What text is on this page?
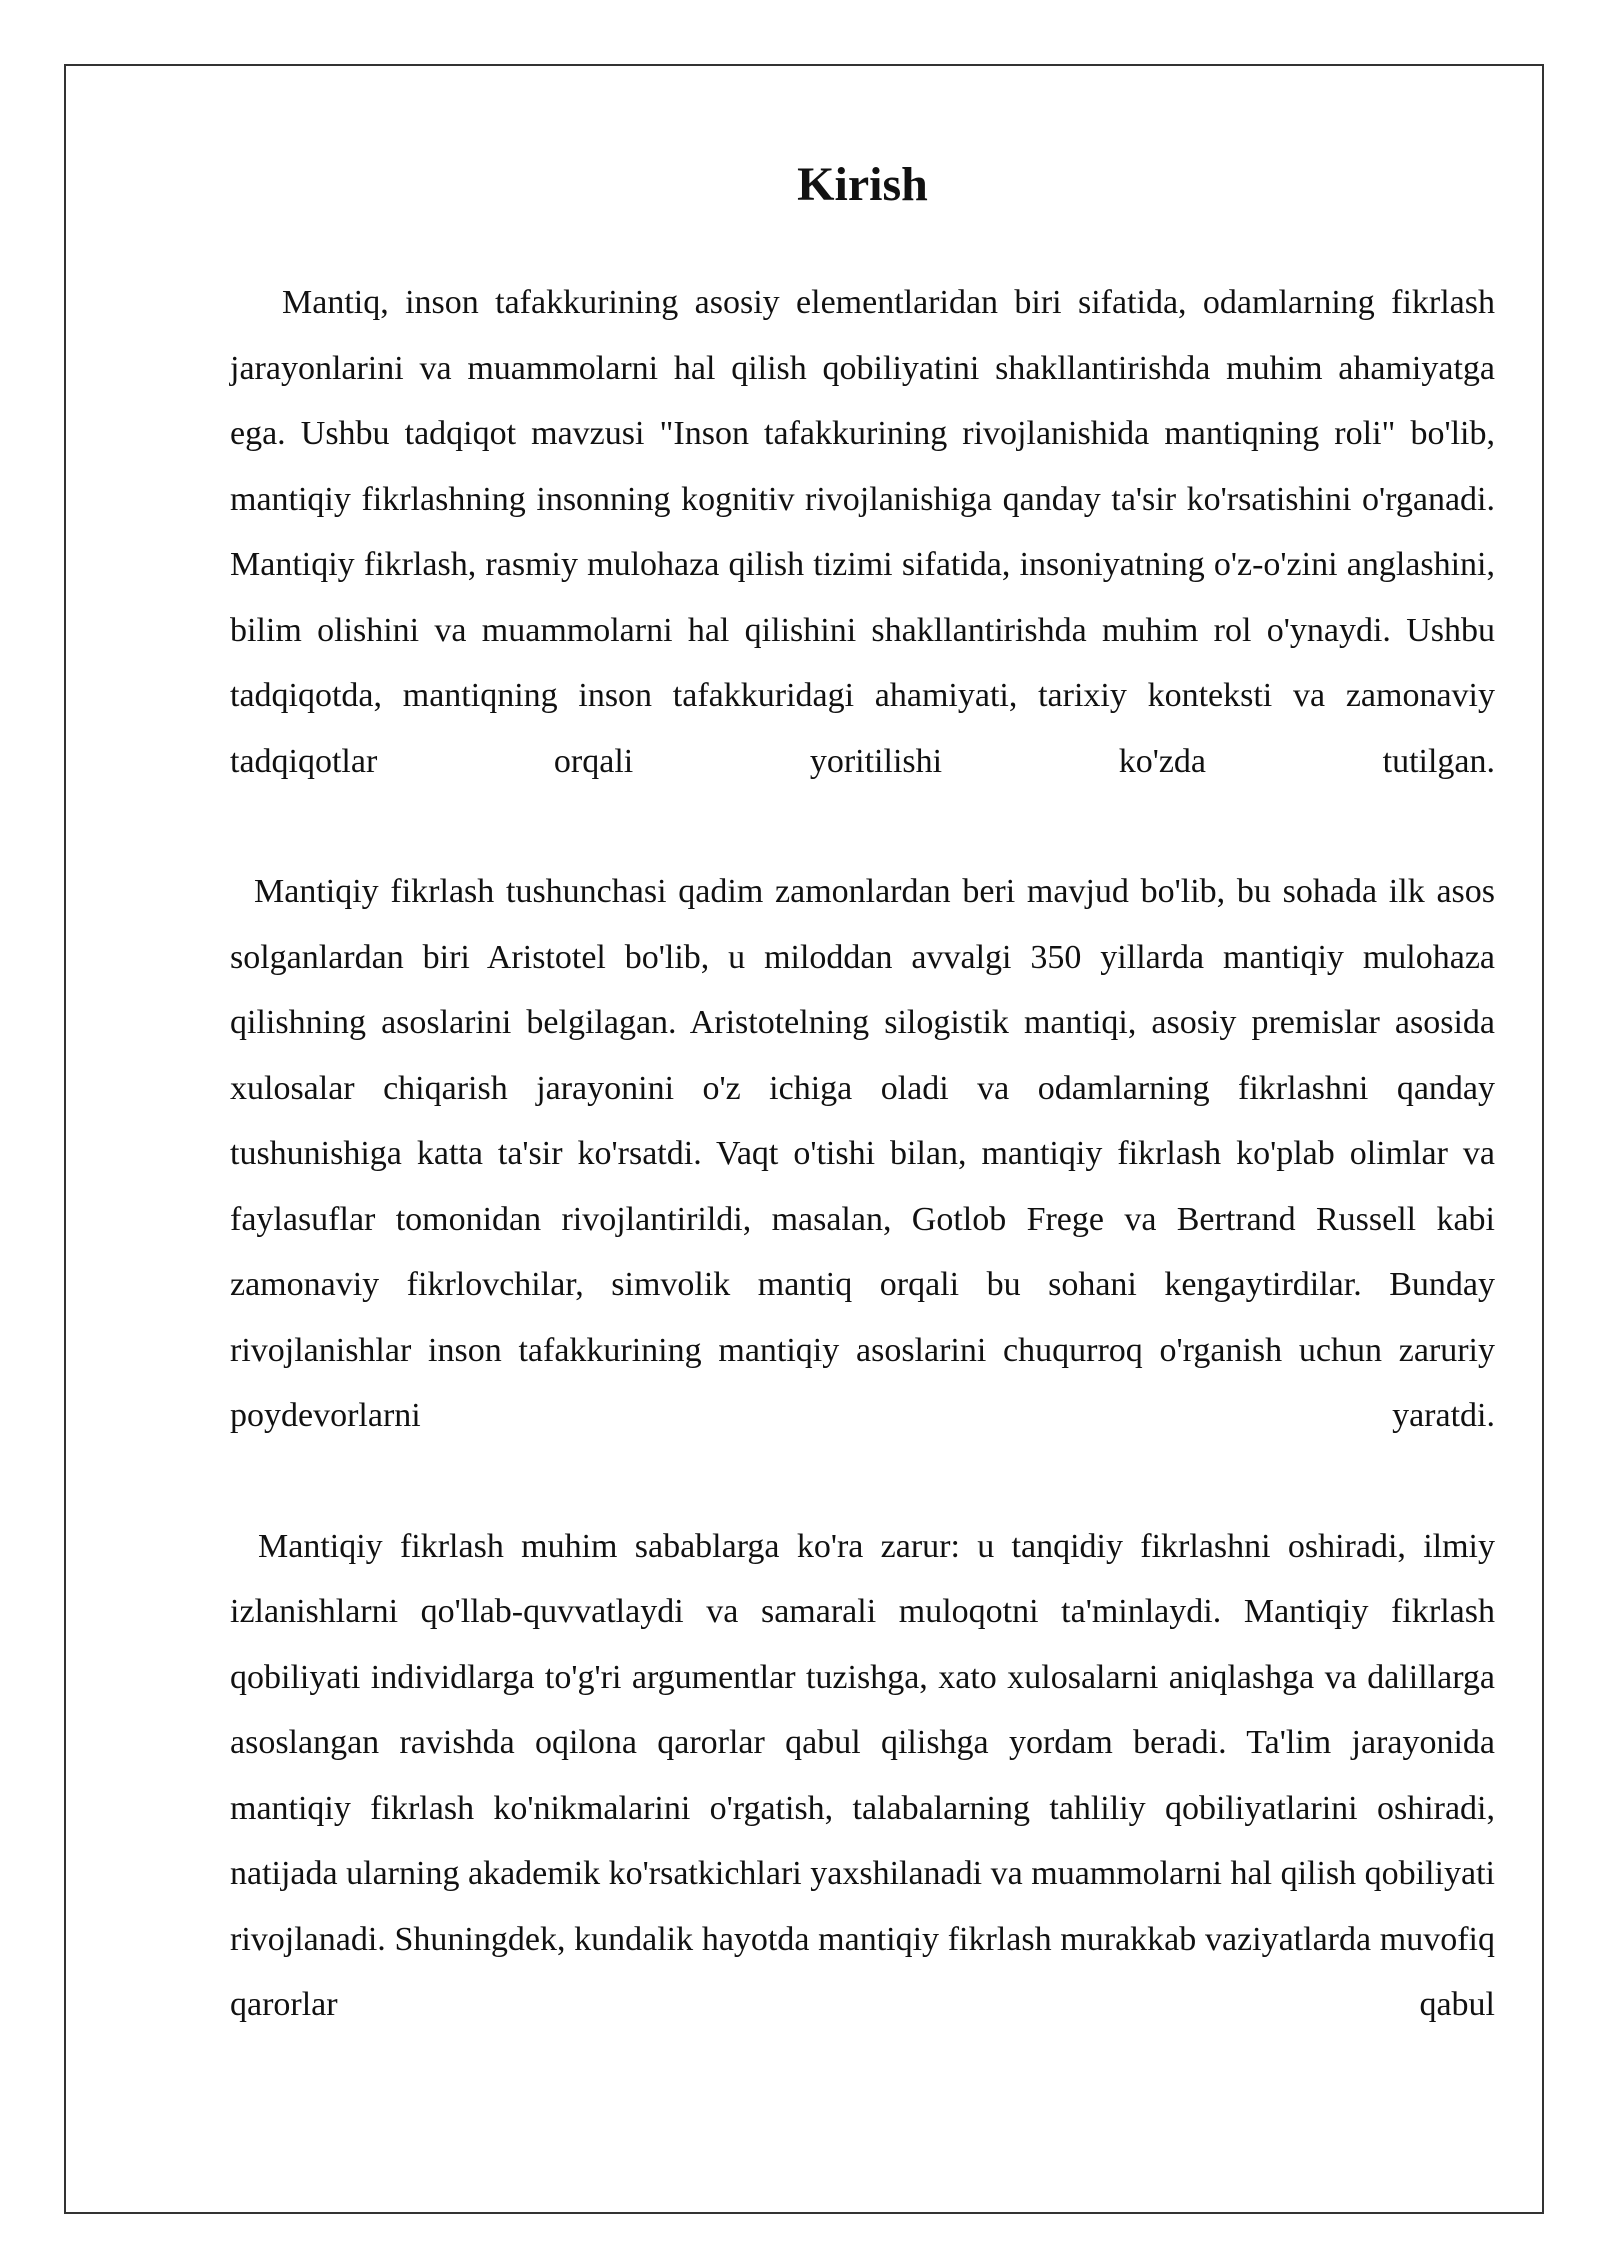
Kirish

Mantiq, inson tafakkurining asosiy elementlaridan biri sifatida, odamlarning fikrlash jarayonlarini va muammolarni hal qilish qobiliyatini shakllantirishda muhim ahamiyatga ega. Ushbu tadqiqot mavzusi "Inson tafakkurining rivojlanishida mantiqning roli" bo'lib, mantiqiy fikrlashning insonning kognitiv rivojlanishiga qanday ta'sir ko'rsatishini o'rganadi. Mantiqiy fikrlash, rasmiy mulohaza qilish tizimi sifatida, insoniyatning o'z-o'zini anglashini, bilim olishini va muammolarni hal qilishini shakllantirishda muhim rol o'ynaydi. Ushbu tadqiqotda, mantiqning inson tafakkuridagi ahamiyati, tarixiy konteksti va zamonaviy tadqiqotlar orqali yoritilishi ko'zda tutilgan.

Mantiqiy fikrlash tushunchasi qadim zamonlardan beri mavjud bo'lib, bu sohada ilk asos solganlardan biri Aristotel bo'lib, u miloddan avvalgi 350 yillarda mantiqiy mulohaza qilishning asoslarini belgilagan. Aristotelning silogistik mantiqi, asosiy premislar asosida xulosalar chiqarish jarayonini o'z ichiga oladi va odamlarning fikrlashni qanday tushunishiga katta ta'sir ko'rsatdi. Vaqt o'tishi bilan, mantiqiy fikrlash ko'plab olimlar va faylasuflar tomonidan rivojlantirildi, masalan, Gotlob Frege va Bertrand Russell kabi zamonaviy fikrlovchilar, simvolik mantiq orqali bu sohani kengaytirdilar. Bunday rivojlanishlar inson tafakkurining mantiqiy asoslarini chuqurroq o'rganish uchun zaruriy poydevorlarni yaratdi.

Mantiqiy fikrlash muhim sabablarga ko'ra zarur: u tanqidiy fikrlashni oshiradi, ilmiy izlanishlarni qo'llab-quvvatlaydi va samarali muloqotni ta'minlaydi. Mantiqiy fikrlash qobiliyati individlarga to'g'ri argumentlar tuzishga, xato xulosalarni aniqlashga va dalillarga asoslangan ravishda oqilona qarorlar qabul qilishga yordam beradi. Ta'lim jarayonida mantiqiy fikrlash ko'nikmalarini o'rgatish, talabalarning tahliliy qobiliyatlarini oshiradi, natijada ularning akademik ko'rsatkichlari yaxshilanadi va muammolarni hal qilish qobiliyati rivojlanadi. Shuningdek, kundalik hayotda mantiqiy fikrlash murakkab vaziyatlarda muvofiq qarorlar qabul
